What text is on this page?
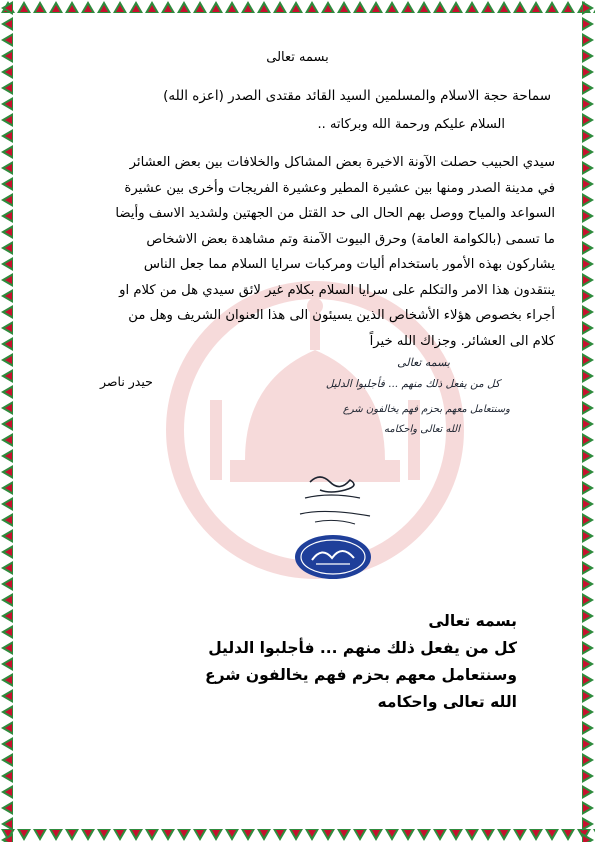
بسمه تعالى
سماحة حجة الاسلام والمسلمين السيد القائد مقتدى الصدر (اعزه الله)
السلام عليكم ورحمة الله وبركاته ..
سيدي الحبيب حصلت الآونة الاخيرة بعض المشاكل والخلافات بين بعض العشائر
في مدينة الصدر ومنها بين عشيرة المطير وعشيرة الفريجات وأخرى بين عشيرة
السواعد والمياح ووصل بهم الحال الى حد القتل من الجهتين ولشديد الاسف وأيضا
ما تسمى (بالكوامة العامة) وحرق البيوت الآمنة وتم مشاهدة بعض الاشخاص
يشاركون بهذه الأمور باستخدام أليات ومركبات سرايا السلام مما جعل الناس
ينتقدون هذا الامر والتكلم على سرايا السلام بكلام غير لائق سيدي هل من كلام او
أجراء بخصوص هؤلاء الأشخاص الذين يسيئون الى هذا العنوان الشريف وهل من
كلام الى العشائر. وجزاك الله خيراً
حيدر ناصر
بسمه تعالى
كل من يفعل ذلك منهم ... فأجلبوا الدليل
وسنتعامل معهم بحزم فهم يخالفون شرع
الله تعالى واحكامه
بسمه تعالى
كل من يفعل ذلك منهم ... فأجلبوا الدليل
وسنتعامل معهم بحزم فهم يخالفون شرع
الله تعالى واحكامه
